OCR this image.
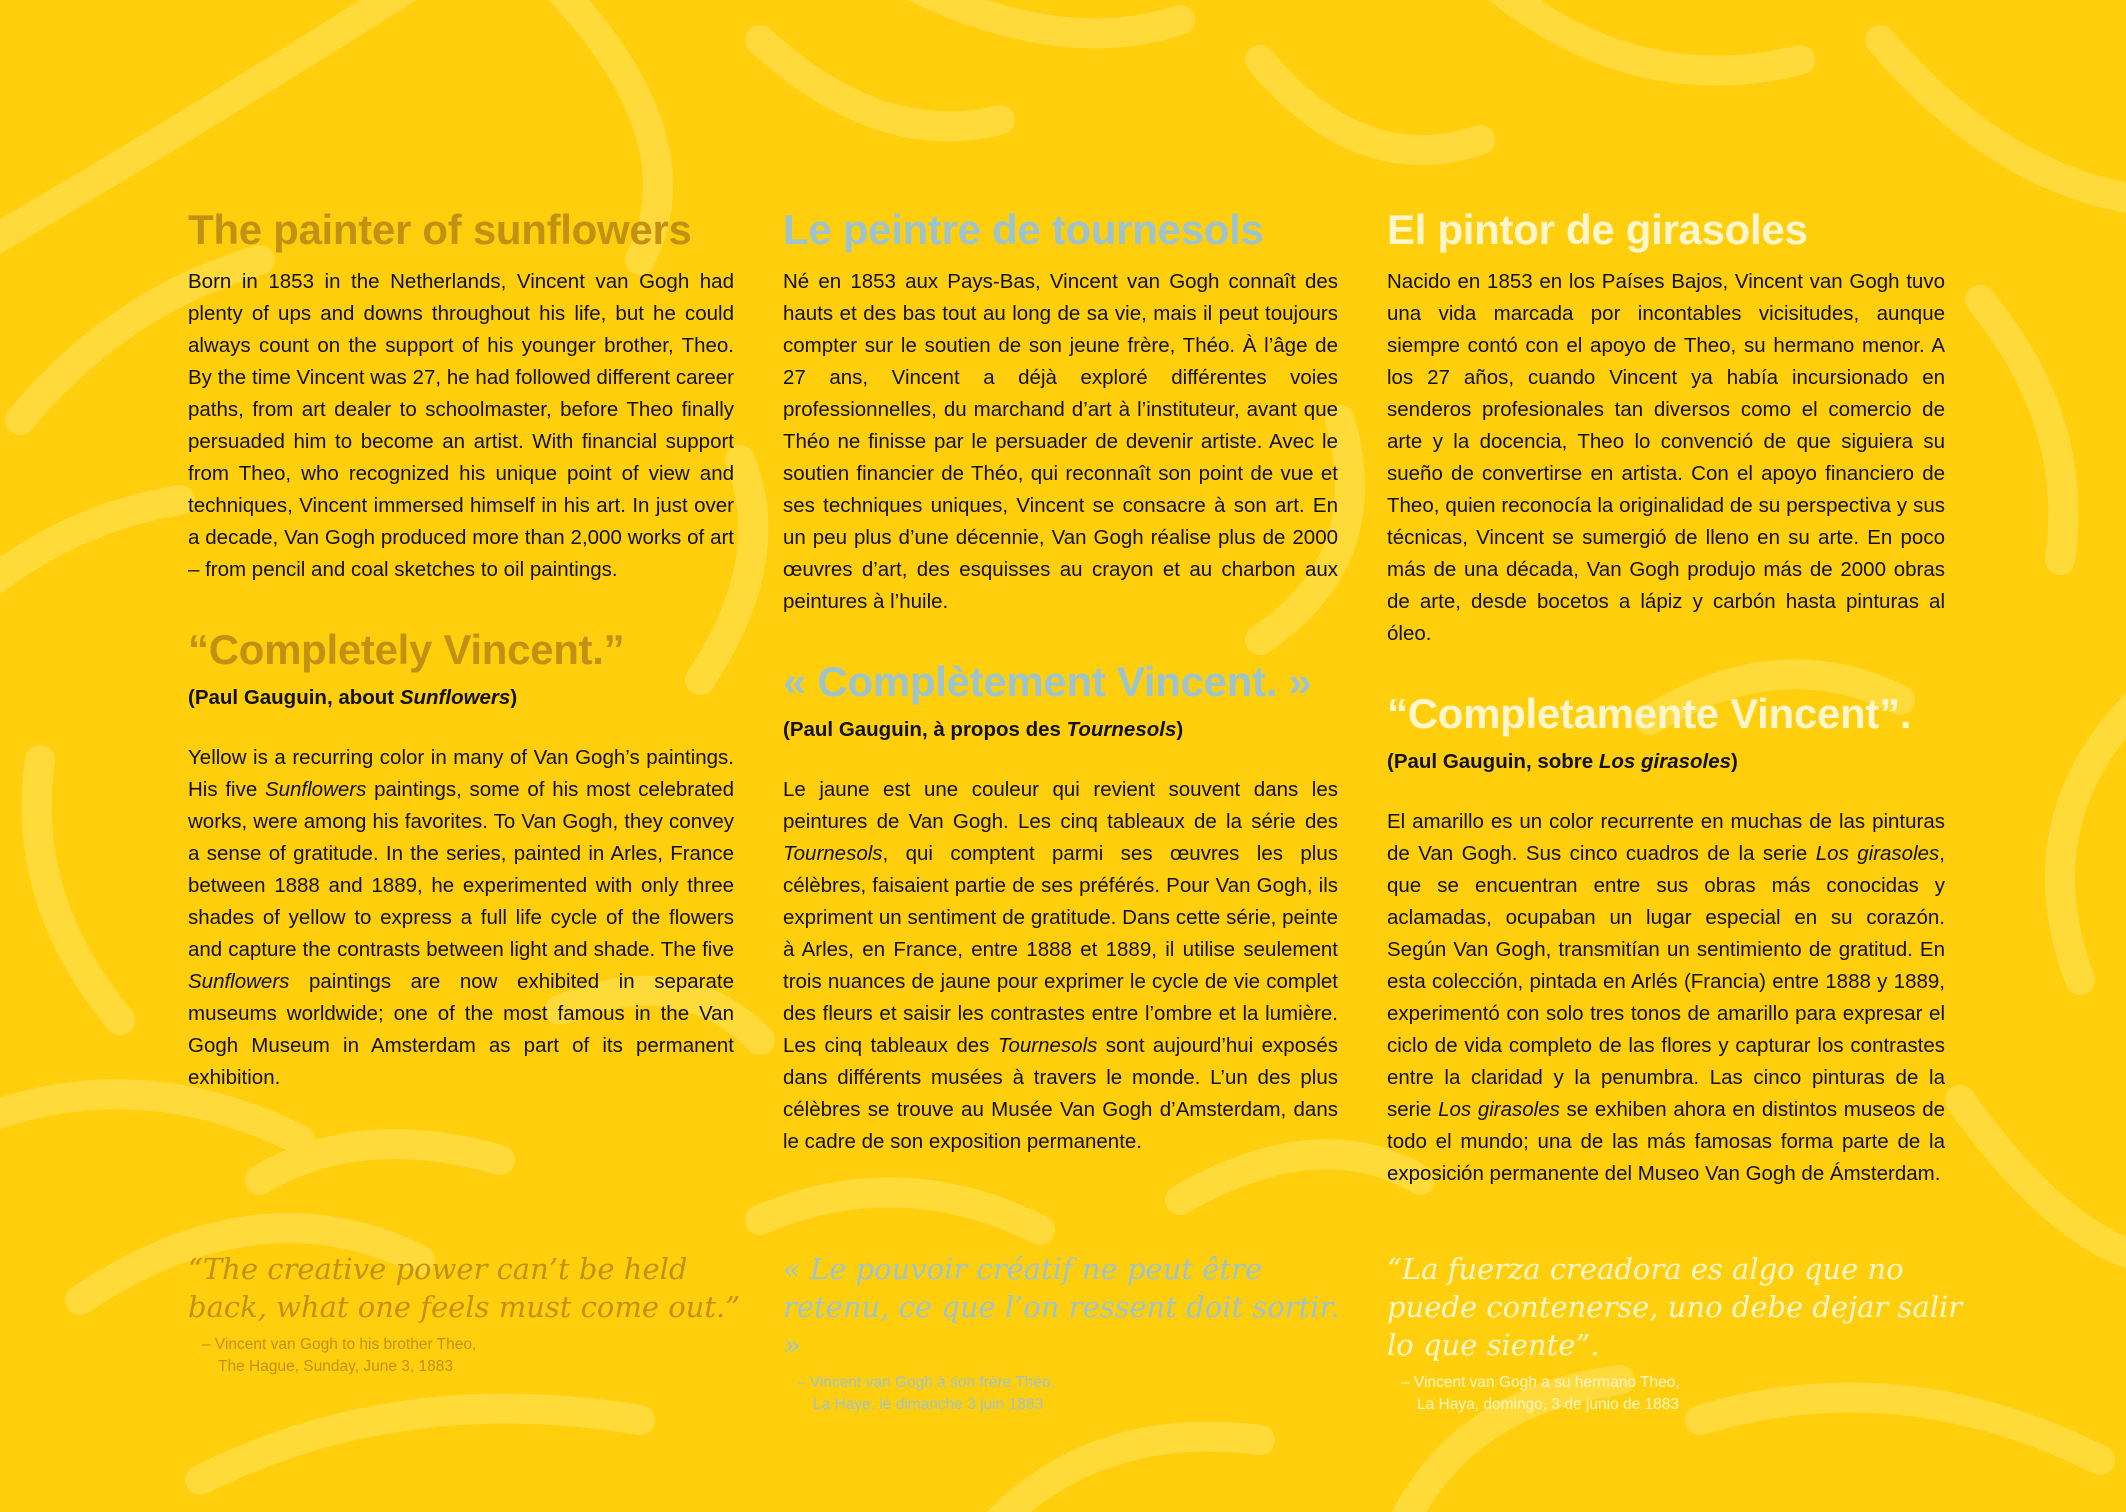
The painter of sunflowers

Born in 1853 in the Netherlands, Vincent van Gogh had plenty of ups and downs throughout his life, but he could always count on the support of his younger brother, Theo. By the time Vincent was 27, he had followed different career paths, from art dealer to schoolmaster, before Theo finally persuaded him to become an artist. With financial support from Theo, who recognized his unique point of view and techniques, Vincent immersed himself in his art. In just over a decade, Van Gogh produced more than 2,000 works of art – from pencil and coal sketches to oil paintings.

“Completely Vincent.”
(Paul Gauguin, about Sunflowers)

Yellow is a recurring color in many of Van Gogh’s paintings. His five Sunflowers paintings, some of his most celebrated works, were among his favorites. To Van Gogh, they convey a sense of gratitude. In the series, painted in Arles, France between 1888 and 1889, he experimented with only three shades of yellow to express a full life cycle of the flowers and capture the contrasts between light and shade. The five Sunflowers paintings are now exhibited in separate museums worldwide; one of the most famous in the Van Gogh Museum in Amsterdam as part of its permanent exhibition.

Le peintre de tournesols

Né en 1853 aux Pays-Bas, Vincent van Gogh connaît des hauts et des bas tout au long de sa vie, mais il peut toujours compter sur le soutien de son jeune frère, Théo. À l’âge de 27 ans, Vincent a déjà exploré différentes voies professionnelles, du marchand d’art à l’instituteur, avant que Théo ne finisse par le persuader de devenir artiste. Avec le soutien financier de Théo, qui reconnaît son point de vue et ses techniques uniques, Vincent se consacre à son art. En un peu plus d’une décennie, Van Gogh réalise plus de 2000 œuvres d’art, des esquisses au crayon et au charbon aux peintures à l’huile.

« Complètement Vincent. »
(Paul Gauguin, à propos des Tournesols)

Le jaune est une couleur qui revient souvent dans les peintures de Van Gogh. Les cinq tableaux de la série des Tournesols, qui comptent parmi ses œuvres les plus célèbres, faisaient partie de ses préférés. Pour Van Gogh, ils expriment un sentiment de gratitude. Dans cette série, peinte à Arles, en France, entre 1888 et 1889, il utilise seulement trois nuances de jaune pour exprimer le cycle de vie complet des fleurs et saisir les contrastes entre l’ombre et la lumière. Les cinq tableaux des Tournesols sont aujourd’hui exposés dans différents musées à travers le monde. L’un des plus célèbres se trouve au Musée Van Gogh d’Amsterdam, dans le cadre de son exposition permanente.

El pintor de girasoles

Nacido en 1853 en los Países Bajos, Vincent van Gogh tuvo una vida marcada por incontables vicisitudes, aunque siempre contó con el apoyo de Theo, su hermano menor. A los 27 años, cuando Vincent ya había incursionado en senderos profesionales tan diversos como el comercio de arte y la docencia, Theo lo convenció de que siguiera su sueño de convertirse en artista. Con el apoyo financiero de Theo, quien reconocía la originalidad de su perspectiva y sus técnicas, Vincent se sumergió de lleno en su arte. En poco más de una década, Van Gogh produjo más de 2000 obras de arte, desde bocetos a lápiz y carbón hasta pinturas al óleo.

“Completamente Vincent”.
(Paul Gauguin, sobre Los girasoles)

El amarillo es un color recurrente en muchas de las pinturas de Van Gogh. Sus cinco cuadros de la serie Los girasoles, que se encuentran entre sus obras más conocidas y aclamadas, ocupaban un lugar especial en su corazón. Según Van Gogh, transmitían un sentimiento de gratitud. En esta colección, pintada en Arlés (Francia) entre 1888 y 1889, experimentó con solo tres tonos de amarillo para expresar el ciclo de vida completo de las flores y capturar los contrastes entre la claridad y la penumbra. Las cinco pinturas de la serie Los girasoles se exhiben ahora en distintos museos de todo el mundo; una de las más famosas forma parte de la exposición permanente del Museo Van Gogh de Ámsterdam.

“The creative power can’t be held back, what one feels must come out.”

– Vincent van Gogh to his brother Theo,
The Hague, Sunday, June 3, 1883

« Le pouvoir créatif ne peut être retenu, ce que l’on ressent doit sortir. »

– Vincent van Gogh à son frère Théo,
La Haye, le dimanche 3 juin 1883

“La fuerza creadora es algo que no puede contenerse, uno debe dejar salir lo que siente”.

– Vincent van Gogh a su hermano Theo,
La Haya, domingo, 3 de junio de 1883
